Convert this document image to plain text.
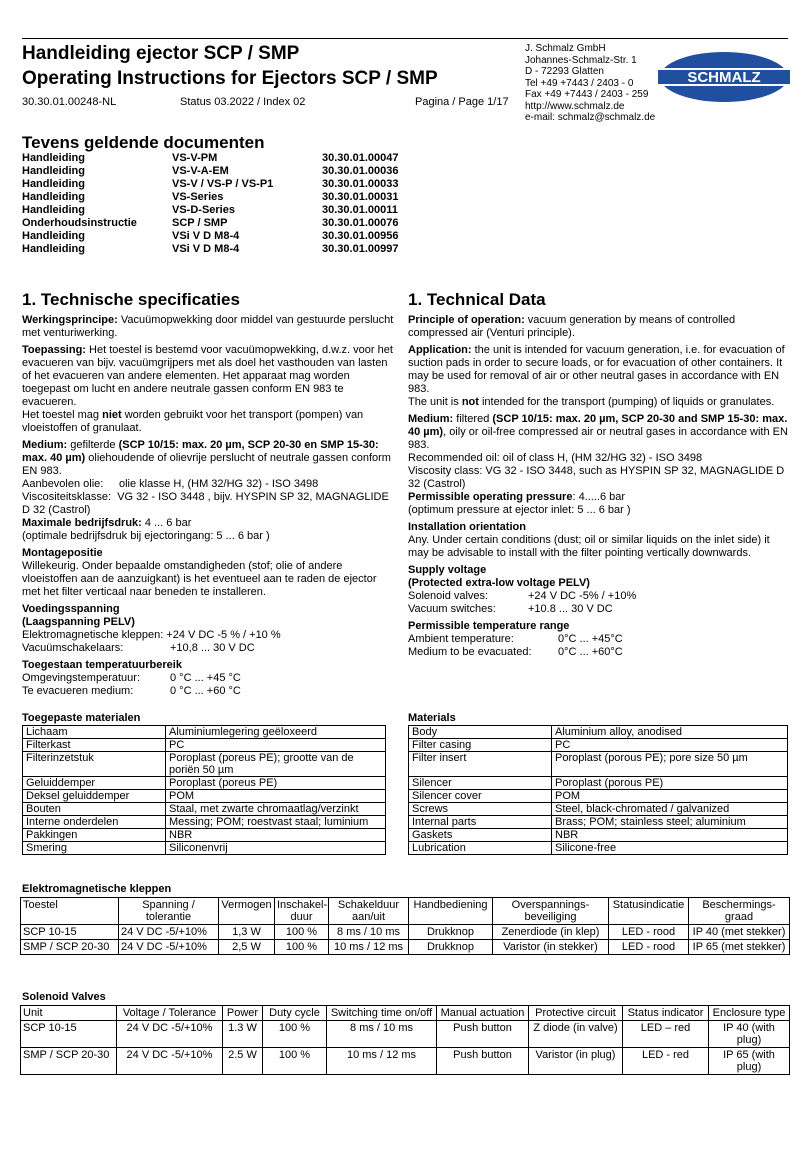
Handleiding ejector SCP / SMP
Operating Instructions for Ejectors SCP / SMP
30.30.01.00248-NL	Status 03.2022 / Index 02	Pagina / Page 1/17
J. Schmalz GmbH
Johannes-Schmalz-Str. 1
D - 72293 Glatten
Tel +49 +7443 / 2403 - 0
Fax +49 +7443 / 2403 - 259
http://www.schmalz.de
e-mail: schmalz@schmalz.de
SCHMALZ
Tevens geldende documenten
Handleiding	VS-V-PM	30.30.01.00047
Handleiding	VS-V-A-EM	30.30.01.00036
Handleiding	VS-V / VS-P / VS-P1	30.30.01.00033
Handleiding	VS-Series	30.30.01.00031
Handleiding	VS-D-Series	30.30.01.00011
Onderhoudsinstructie	SCP / SMP	30.30.01.00076
Handleiding	VSi V D M8-4	30.30.01.00956
Handleiding	VSi V D M8-4	30.30.01.00997
1. Technische specificaties	1. Technical Data

Werkingsprincipe: Vacuümopwekking door middel van gestuurde perslucht met venturiwerking.

Toepassing: Het toestel is bestemd voor vacuümopwekking, d.w.z. voor het evacueren van bijv. vacuümgrijpers met als doel het vasthouden van lasten of het evacueren van andere elementen. Het apparaat mag worden toegepast om lucht en andere neutrale gassen conform EN 983 te evacueren.

Het toestel mag niet worden gebruikt voor het transport (pompen) van vloeistoffen of granulaat.

Medium: gefilterde (SCP 10/15: max. 20 µm, SCP 20-30 en SMP 15-30: max. 40 µm) oliehoudende of olievrije perslucht of neutrale gassen conform EN 983.

Aanbevolen olie: olie klasse H, (HM 32/HG 32) - ISO 3498
Viscositeitsklasse: VG 32 - ISO 3448 , bijv. HYSPIN SP 32, MAGNAGLIDE D 32 (Castrol)
Maximale bedrijfsdruk: 4 ... 6 bar

(optimale bedrijfsdruk bij ejectoringang: 5 ... 6 bar )

Montagepositie

Willekeurig. Onder bepaalde omstandigheden (stof; olie of andere vloeistoffen aan de aanzuigkant) is het eventueel aan te raden de ejector met het filter verticaal naar beneden te installeren.

Voedingsspanning
(Laagspanning PELV)
Elektromagnetische kleppen: +24 V DC -5 % / +10 %
Vacuümschakelaars:	+10,8 ... 30 V DC
Toegestaan temperatuurbereik
Omgevingstemperatuur:	0 °C ... +45 °C
Te evacueren medium:	0 °C ... +60 °C

Principle of operation: vacuum generation by means of controlled compressed air (Venturi principle).

Application: the unit is intended for vacuum generation, i.e. for evacuation of suction pads in order to secure loads, or for evacuation of other containers. It may be used for removal of air or other neutral gases in accordance with EN 983.

The unit is not intended for the transport (pumping) of liquids or granulates.

Medium: filtered (SCP 10/15: max. 20 µm, SCP 20-30 and SMP 15-30: max. 40 µm), oily or oil-free compressed air or neutral gases in accordance with EN 983.

Recommended oil: oil of class H, (HM 32/HG 32) - ISO 3498
Viscosity class: VG 32 - ISO 3448, such as HYSPIN SP 32, MAGNAGLIDE D 32 (Castrol)
Permissible operating pressure: 4.....6 bar

(optimum pressure at ejector inlet: 5 ... 6 bar )

Installation orientation

Any. Under certain conditions (dust; oil or similar liquids on the inlet side) it may be advisable to install with the filter pointing vertically downwards.

Supply voltage
(Protected extra-low voltage PELV)
Solenoid valves:	+24 V DC -5% / +10%
Vacuum switches:	+10.8 ... 30 V DC
Permissible temperature range
Ambient temperature:	0°C ... +45°C
Medium to be evacuated: 0°C ... +60°C
Toegepaste materialen
Lichaam	Aluminiumlegering geëloxeerd
Filterkast	PC
Filterinzetstuk	Poroplast (poreus PE); grootte van de poriën 50 µm
Geluiddemper	Poroplast (poreus PE)
Deksel geluiddemper	POM
Bouten	Staal, met zwarte chromaatlag/verzinkt
Interne onderdelen	Messing; POM; roestvast staal; luminium
Pakkingen	NBR
Smering	Siliconenvrij
Materials
Body	Aluminium alloy, anodised
Filter casing	PC
Filter insert	Poroplast (porous PE); pore size 50 µm
Silencer	Poroplast (porous PE)
Silencer cover	POM
Screws	Steel, black-chromated / galvanized
Internal parts	Brass; POM; stainless steel; aluminium
Gaskets	NBR
Lubrication	Silicone-free
Elektromagnetische kleppen
Toestel	Spanning / tolerantie	Vermogen	Inschakel-duur	Schakelduur aan/uit	Handbediening	Overspannings-beveiliging	Statusindicatie	Beschermings-graad
SCP 10-15	24 V DC -5/+10%	1,3 W	100 %	8 ms / 10 ms	Drukknop	Zenerdiode (in klep)	LED - rood	IP 40 (met stekker)
SMP / SCP 20-30	24 V DC -5/+10%	2,5 W	100 %	10 ms / 12 ms	Drukknop	Varistor (in stekker)	LED - rood	IP 65 (met stekker)
Solenoid Valves
Unit	Voltage / Tolerance	Power	Duty cycle	Switching time on/off	Manual actuation	Protective circuit	Status indicator	Enclosure type
SCP 10-15	24 V DC -5/+10%	1.3 W	100 %	8 ms / 10 ms	Push button	Z diode (in valve)	LED – red	IP 40 (with plug)
SMP / SCP 20-30	24 V DC -5/+10%	2.5 W	100 %	10 ms / 12 ms	Push button	Varistor (in plug)	LED - red	IP 65 (with plug)
